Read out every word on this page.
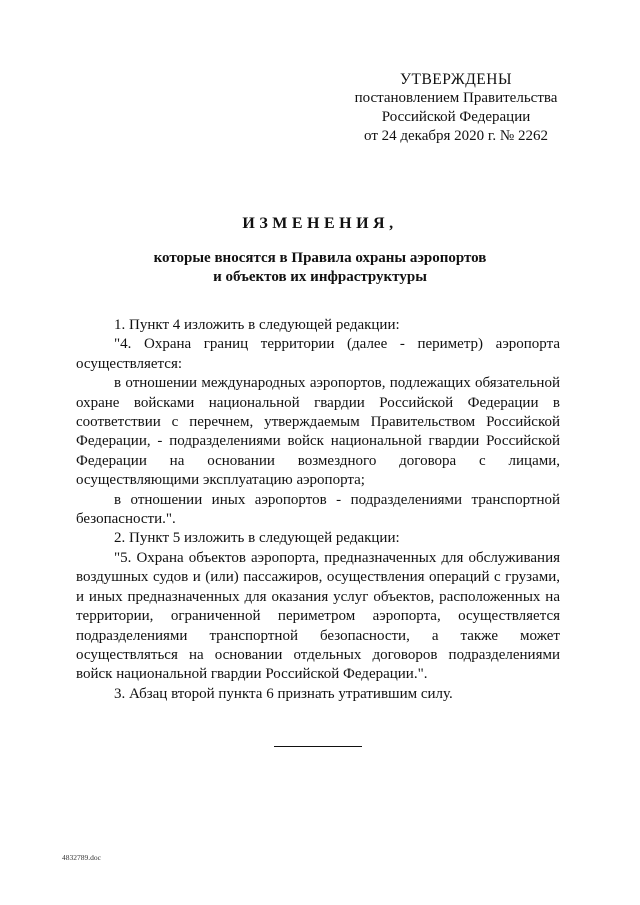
УТВЕРЖДЕНЫ
постановлением Правительства
Российской Федерации
от 24 декабря 2020 г. № 2262
ИЗМЕНЕНИЯ,
которые вносятся в Правила охраны аэропортов
и объектов их инфраструктуры

1. Пункт 4 изложить в следующей редакции:

"4. Охрана границ территории (далее - периметр) аэропорта осуществляется:

в отношении международных аэропортов, подлежащих обязательной охране войсками национальной гвардии Российской Федерации в соответствии с перечнем, утверждаемым Правительством Российской Федерации, - подразделениями войск национальной гвардии Российской Федерации на основании возмездного договора с лицами, осуществляющими эксплуатацию аэропорта;

в отношении иных аэропортов - подразделениями транспортной безопасности.".

2. Пункт 5 изложить в следующей редакции:

"5. Охрана объектов аэропорта, предназначенных для обслуживания воздушных судов и (или) пассажиров, осуществления операций с грузами, и иных предназначенных для оказания услуг объектов, расположенных на территории, ограниченной периметром аэропорта, осуществляется подразделениями транспортной безопасности, а также может осуществляться на основании отдельных договоров подразделениями войск национальной гвардии Российской Федерации.".

3. Абзац второй пункта 6 признать утратившим силу.

4832789.doc
